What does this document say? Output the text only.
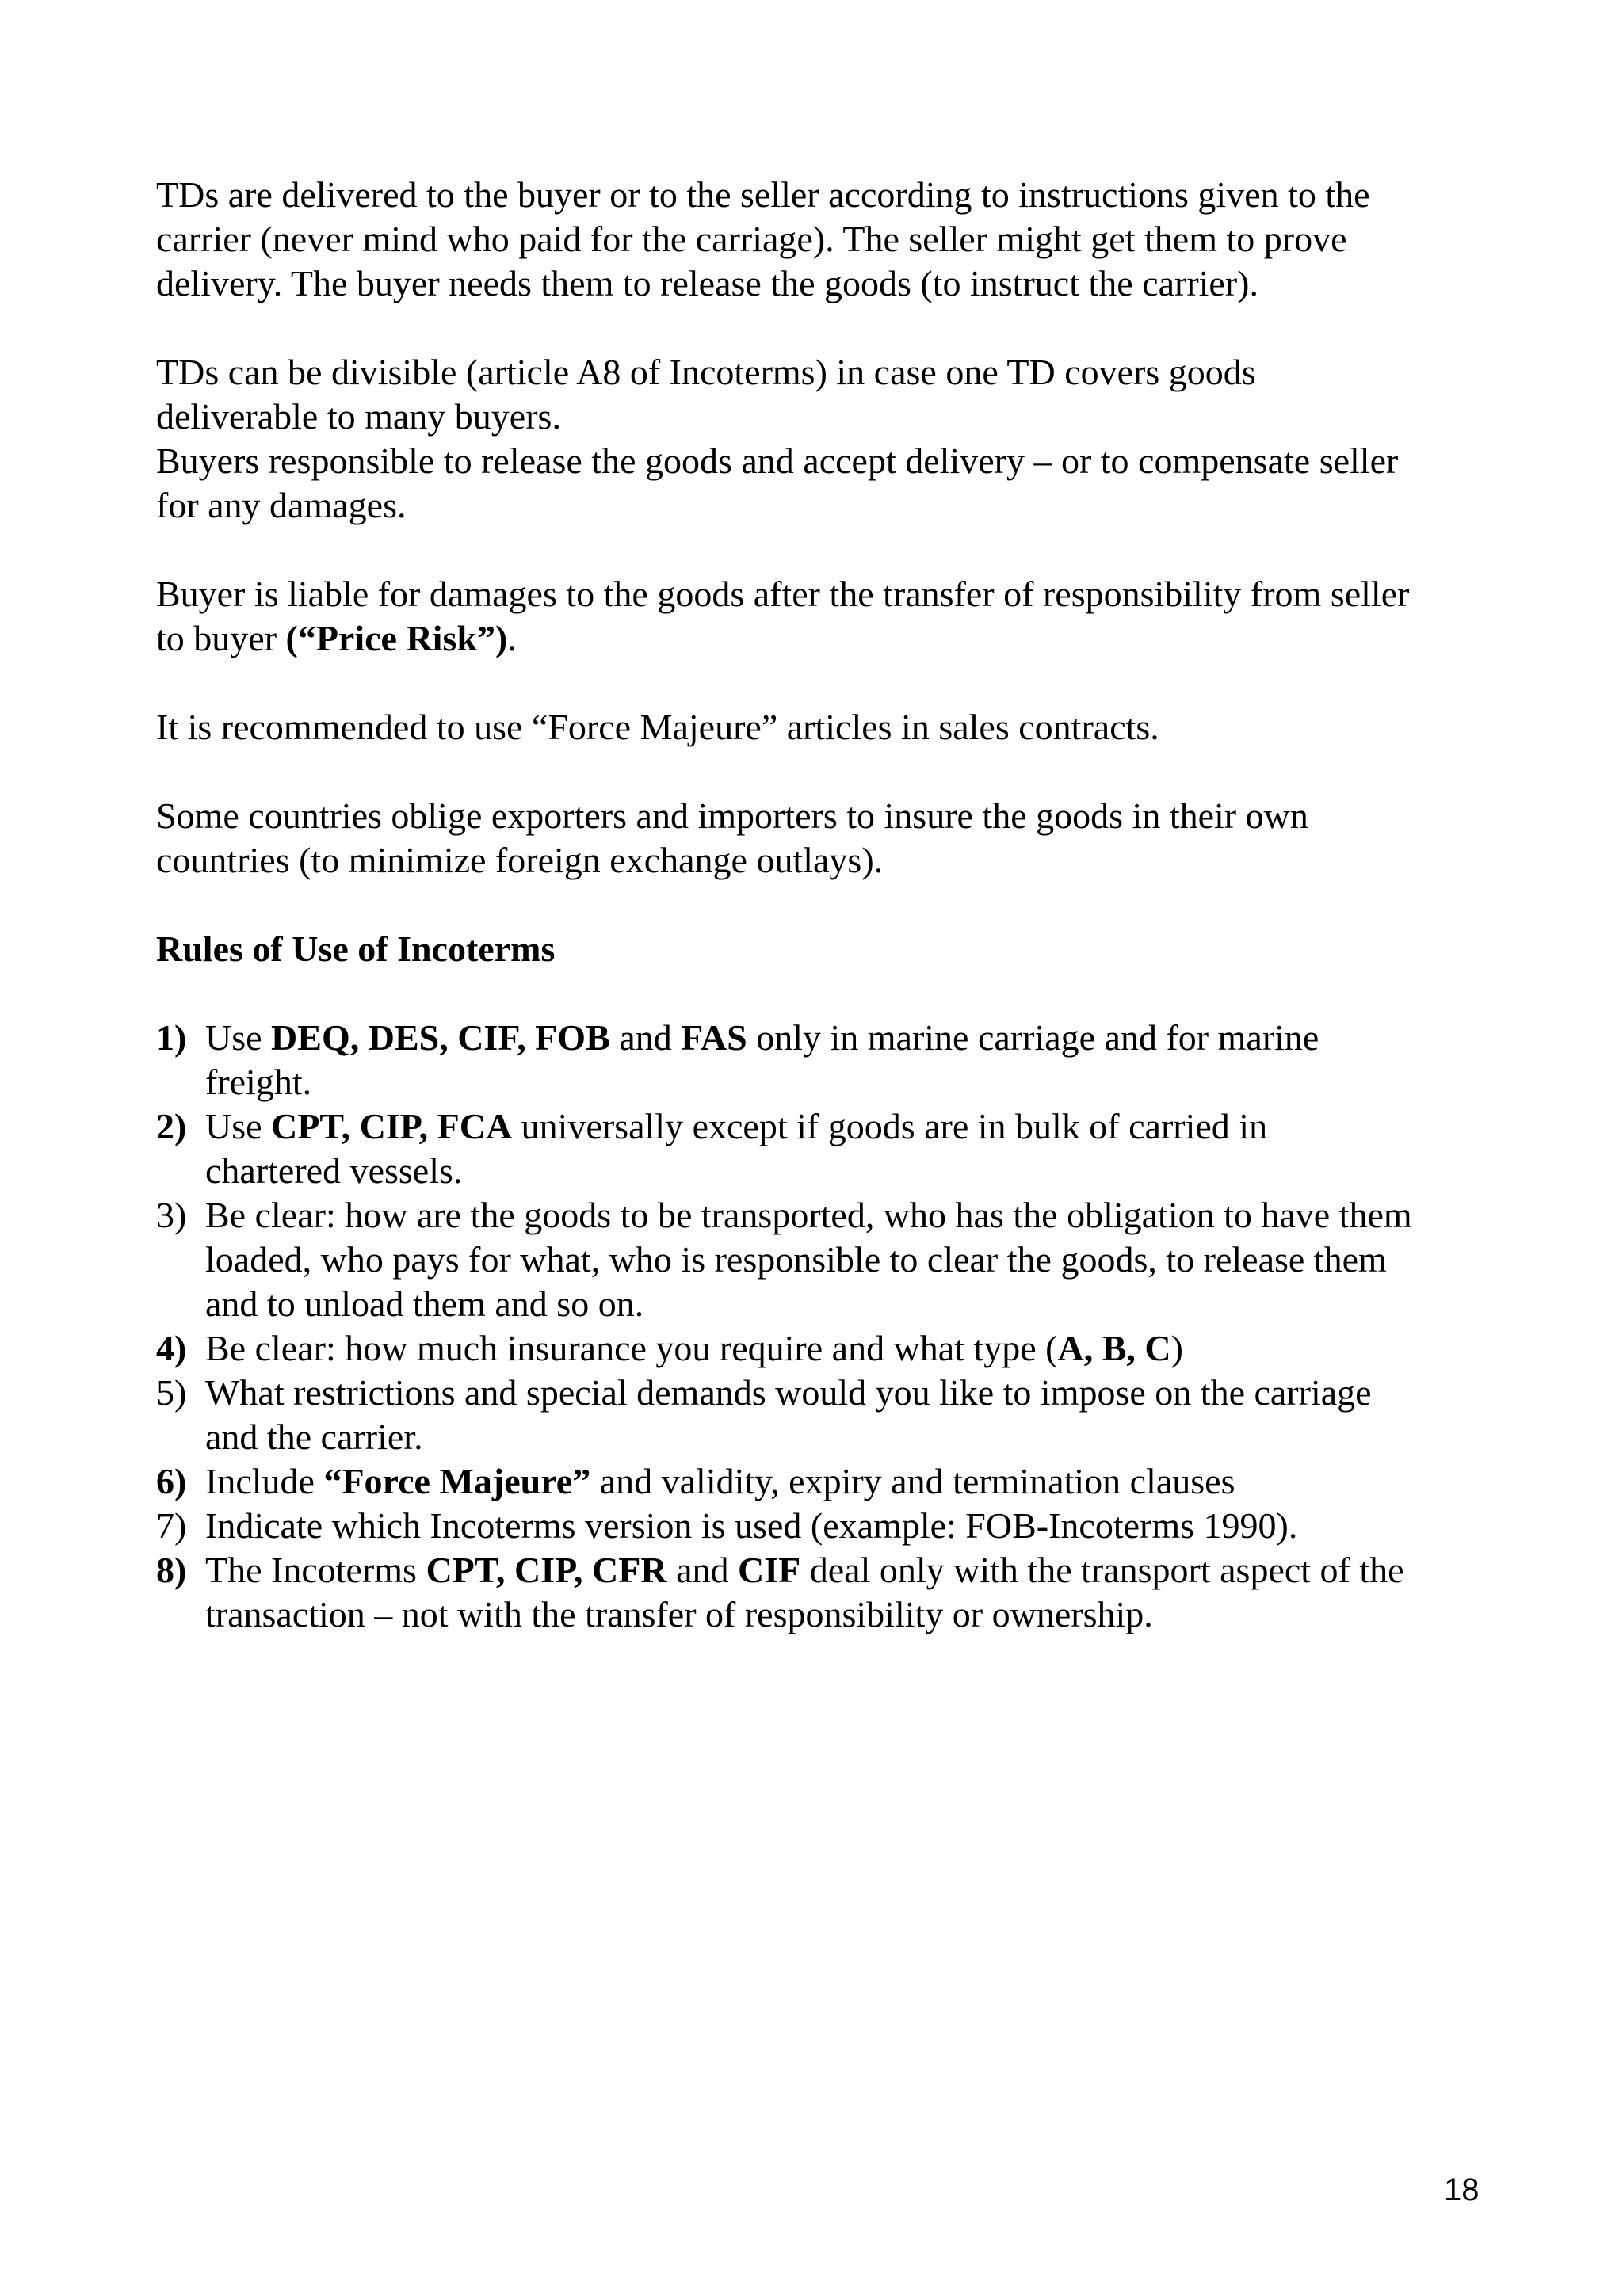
TDs are delivered to the buyer or to the seller according to instructions given to the
carrier (never mind who paid for the carriage). The seller might get them to prove
delivery. The buyer needs them to release the goods (to instruct the carrier).
TDs can be divisible (article A8 of Incoterms) in case one TD covers goods
deliverable to many buyers.
Buyers responsible to release the goods and accept delivery – or to compensate seller
for any damages.
Buyer is liable for damages to the goods after the transfer of responsibility from seller
to buyer (“Price Risk”).
It is recommended to use “Force Majeure” articles in sales contracts.
Some countries oblige exporters and importers to insure the goods in their own
countries (to minimize foreign exchange outlays).
Rules of Use of Incoterms
1) Use DEQ, DES, CIF, FOB and FAS only in marine carriage and for marine
freight.
2) Use CPT, CIP, FCA universally except if goods are in bulk of carried in
chartered vessels.
3) Be clear: how are the goods to be transported, who has the obligation to have them
loaded, who pays for what, who is responsible to clear the goods, to release them
and to unload them and so on.
4) Be clear: how much insurance you require and what type (A, B, C)
5) What restrictions and special demands would you like to impose on the carriage
and the carrier.
6) Include “Force Majeure” and validity, expiry and termination clauses
7) Indicate which Incoterms version is used (example: FOB-Incoterms 1990).
8) The Incoterms CPT, CIP, CFR and CIF deal only with the transport aspect of the
transaction – not with the transfer of responsibility or ownership.
18
